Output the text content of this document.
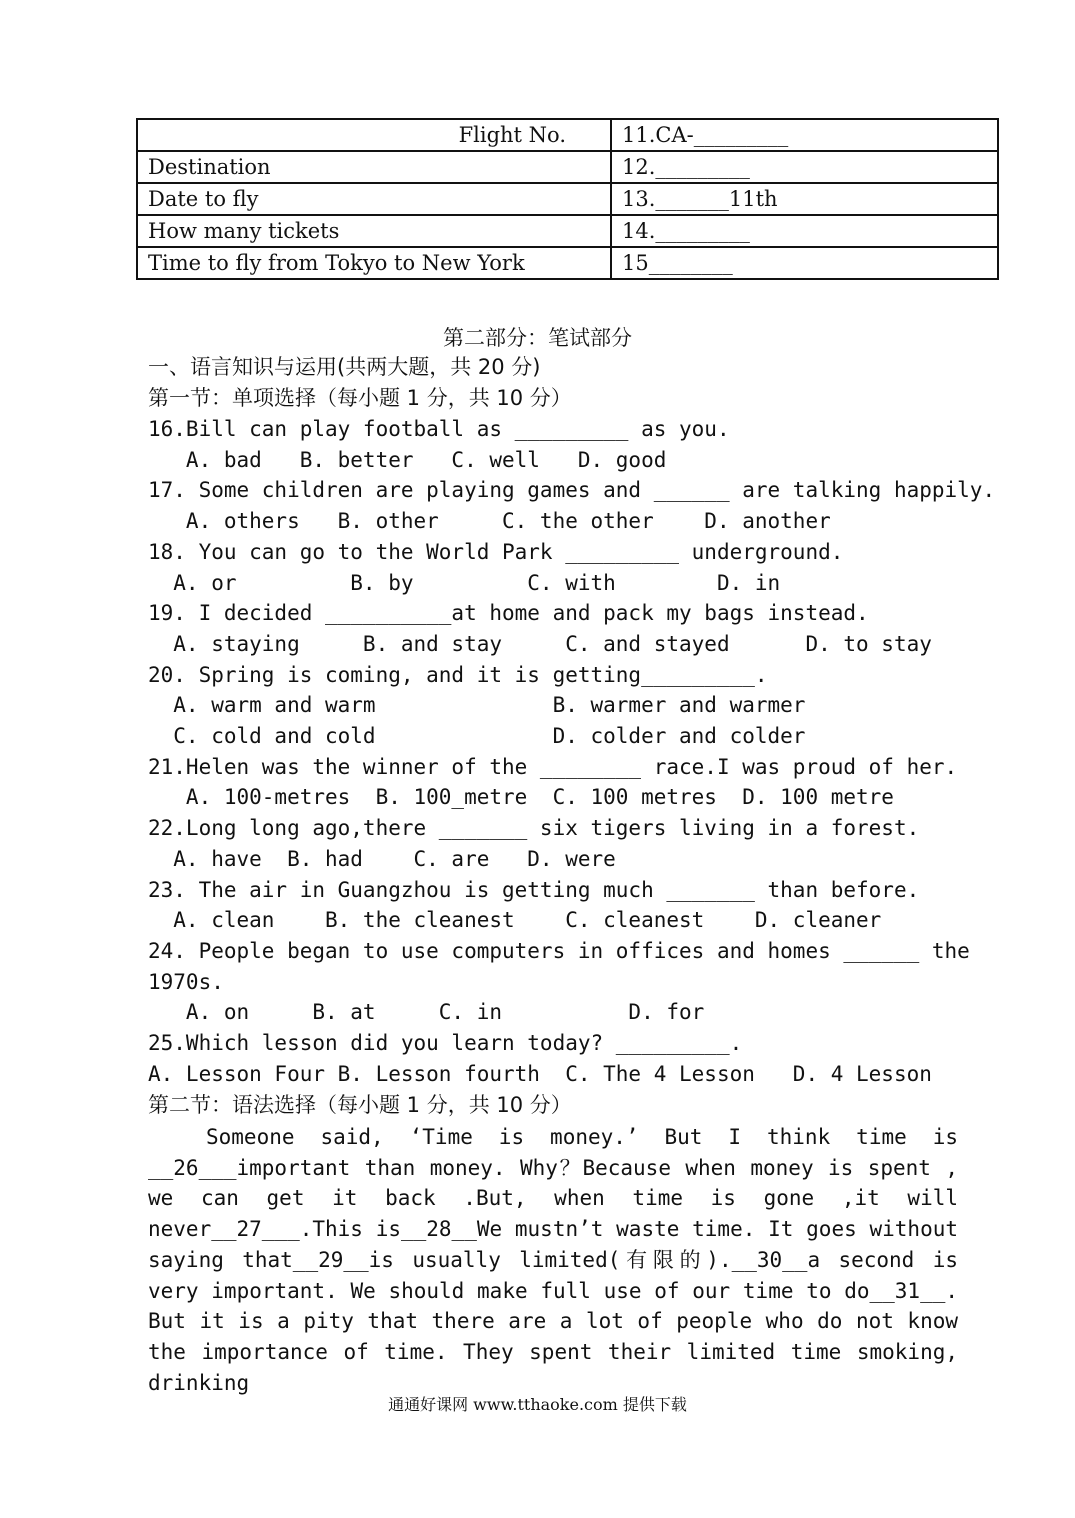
Flight No.	11.CA-_________
Destination	12._________
Date to fly	13._______11th
How many tickets	14._________
Time to fly from Tokyo to New York	15________
第二部分：笔试部分
一、语言知识与运用(共两大题，共 20 分)
第一节：单项选择（每小题 1 分，共 10 分）
16.Bill can play football as _________ as you.
A. bad   B. better   C. well   D. good
17. Some children are playing games and ______ are talking happily.
A. others   B. other     C. the other    D. another
18. You can go to the World Park _________ underground.
A. or         B. by         C. with        D. in
19. I decided __________at home and pack my bags instead.
A. staying     B. and stay     C. and stayed      D. to stay
20. Spring is coming, and it is getting_________.
A. warm and warm              B. warmer and warmer
C. cold and cold              D. colder and colder
21.Helen was the winner of the ________ race.I was proud of her.
A. 100-metres  B. 100_metre  C. 100 metres  D. 100 metre
22.Long long ago,there _______ six tigers living in a forest.
A. have  B. had    C. are   D. were
23. The air in Guangzhou is getting much _______ than before.
A. clean    B. the cleanest    C. cleanest    D. cleaner
24. People began to use computers in offices and homes ______ the
1970s.
A. on     B. at     C. in          D. for
25.Which lesson did you learn today? _________.
A. Lesson Four B. Lesson fourth  C. The 4 Lesson   D. 4 Lesson
第二节：语法选择（每小题 1 分，共 10 分）

Someone said, ‘Time is money.’ But I think time is __26___important than money. Why？Because when money is spent , we can get it back .But, when time is gone ,it will never__27___.This is__28__We mustn’t waste time. It goes without saying that__29__is usually limited(有限的).__30__a second is very important. We should make full use of our time to do__31__. But it is a pity that there are a lot of people who do not know the importance of time. They spent their limited time smoking, drinking

通通好课网 www.tthaoke.com 提供下载
